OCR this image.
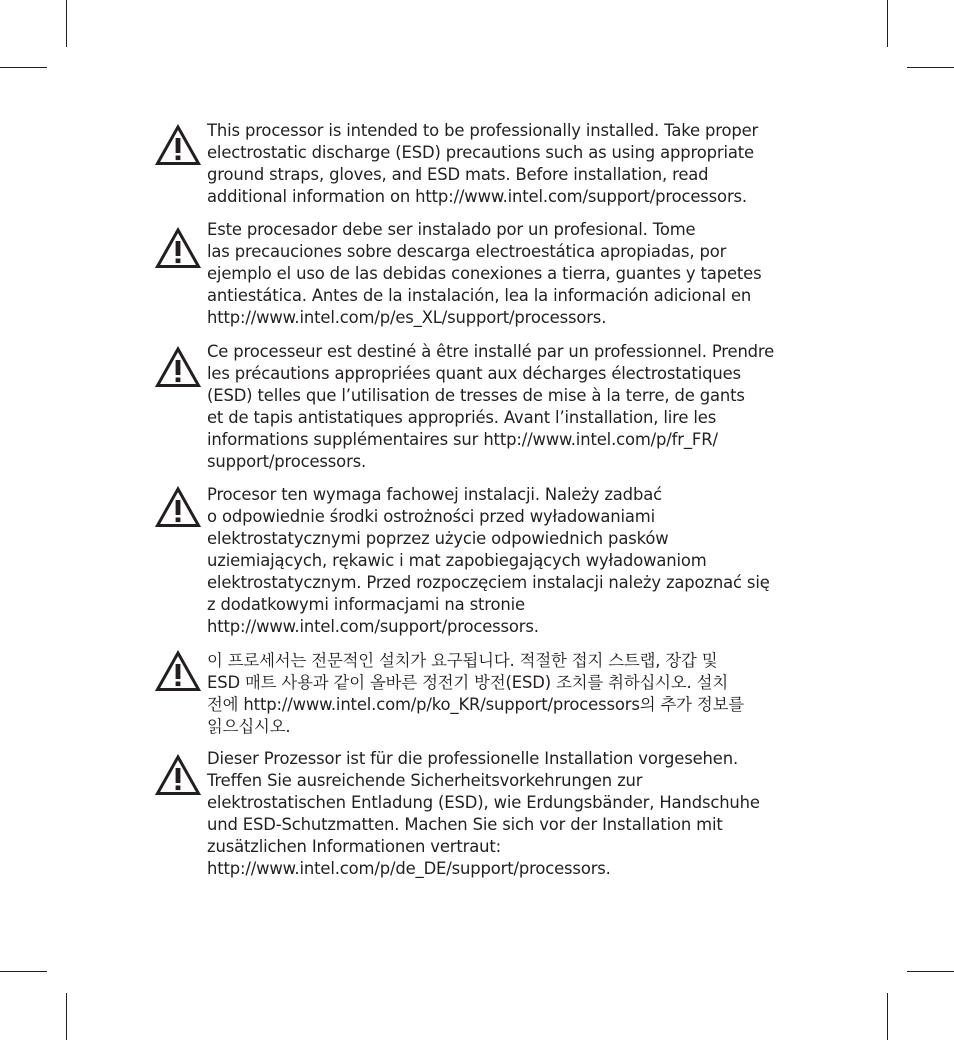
This processor is intended to be professionally installed. Take proper
electrostatic discharge (ESD) precautions such as using appropriate
ground straps, gloves, and ESD mats. Before installation, read
additional information on http://www.intel.com/support/processors.
Este procesador debe ser instalado por un profesional. Tome
las precauciones sobre descarga electroestática apropiadas, por
ejemplo el uso de las debidas conexiones a tierra, guantes y tapetes
antiestática. Antes de la instalación, lea la información adicional en
http://www.intel.com/p/es_XL/support/processors.
Ce processeur est destiné à être installé par un professionnel. Prendre
les précautions appropriées quant aux décharges électrostatiques
(ESD) telles que l’utilisation de tresses de mise à la terre, de gants
et de tapis antistatiques appropriés. Avant l’installation, lire les
informations supplémentaires sur http://www.intel.com/p/fr_FR/
support/processors.
Procesor ten wymaga fachowej instalacji. Należy zadbać
o odpowiednie środki ostrożności przed wyładowaniami
elektrostatycznymi poprzez użycie odpowiednich pasków
uziemiających, rękawic i mat zapobiegających wyładowaniom
elektrostatycznym. Przed rozpoczęciem instalacji należy zapoznać się
z dodatkowymi informacjami na stronie
http://www.intel.com/support/processors.
이 프로세서는 전문적인 설치가 요구됩니다. 적절한 접지 스트랩, 장갑 및
ESD 매트 사용과 같이 올바른 정전기 방전(ESD) 조치를 취하십시오. 설치
전에 http://www.intel.com/p/ko_KR/support/processors의 추가 정보를
읽으십시오.
Dieser Prozessor ist für die professionelle Installation vorgesehen.
Treffen Sie ausreichende Sicherheitsvorkehrungen zur
elektrostatischen Entladung (ESD), wie Erdungsbänder, Handschuhe
und ESD-Schutzmatten. Machen Sie sich vor der Installation mit
zusätzlichen Informationen vertraut:
http://www.intel.com/p/de_DE/support/processors.
